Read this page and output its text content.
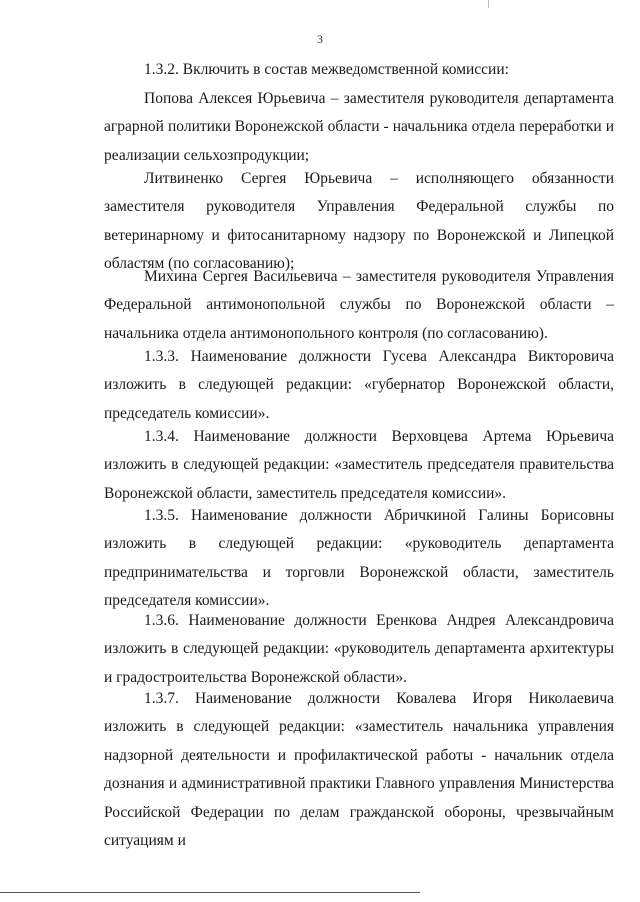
3

1.3.2. Включить в состав межведомственной комиссии:

Попова Алексея Юрьевича – заместителя руководителя департамента аграрной политики Воронежской области - начальника отдела переработки и реализации сельхозпродукции;

Литвиненко Сергея Юрьевича – исполняющего обязанности заместителя руководителя Управления Федеральной службы по ветеринарному и фитосанитарному надзору по Воронежской и Липецкой областям (по согласованию);

Михина Сергея Васильевича – заместителя руководителя Управления Федеральной антимонопольной службы по Воронежской области – начальника отдела антимонопольного контроля (по согласованию).

1.3.3. Наименование должности Гусева Александра Викторовича изложить в следующей редакции: «губернатор Воронежской области, председатель комиссии».

1.3.4. Наименование должности Верховцева Артема Юрьевича изложить в следующей редакции: «заместитель председателя правительства Воронежской области, заместитель председателя комиссии».

1.3.5. Наименование должности Абричкиной Галины Борисовны изложить в следующей редакции: «руководитель департамента предпринимательства и торговли Воронежской области, заместитель председателя комиссии».

1.3.6. Наименование должности Еренкова Андрея Александровича изложить в следующей редакции: «руководитель департамента архитектуры и градостроительства Воронежской области».

1.3.7. Наименование должности Ковалева Игоря Николаевича изложить в следующей редакции: «заместитель начальника управления надзорной деятельности и профилактической работы - начальник отдела дознания и административной практики Главного управления Министерства Российской Федерации по делам гражданской обороны, чрезвычайным ситуациям и
